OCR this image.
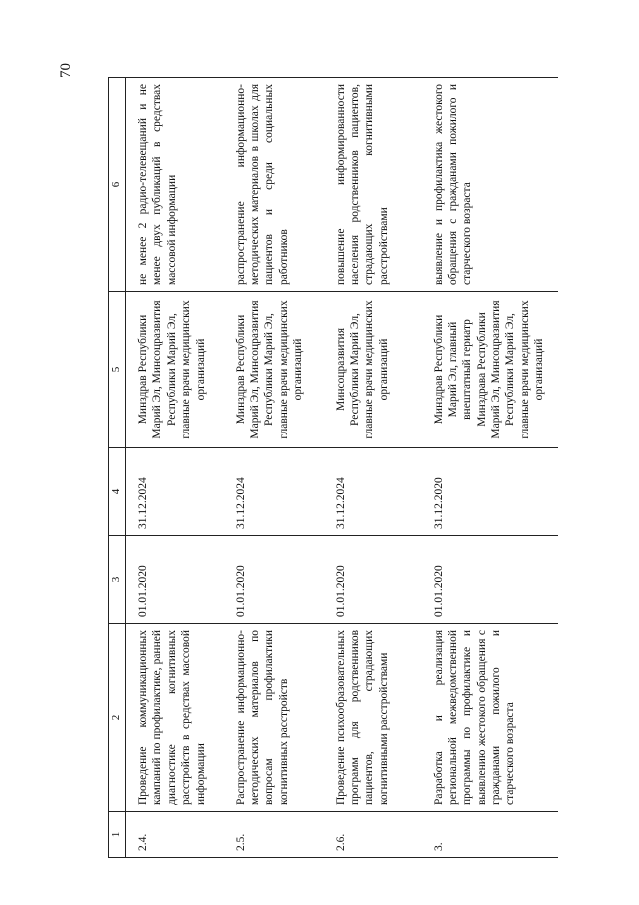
70
1	2	3	4	5	6
2.4.	Проведение коммуникационных кампаний по профилактике, ранней диагностике когнитивных расстройств в средствах массовой информации	01.01.2020	31.12.2024	Минздрав Республики Марий Эл, Минсоцразвития Республики Марий Эл, главные врачи медицинских организаций	не менее 2 радио-телевещаний и не менее двух публикаций в средствах массовой информации
2.5.	Распространение информационно-методических материалов по вопросам профилактики когнитивных расстройств	01.01.2020	31.12.2024	Минздрав Республики Марий Эл, Минсоцразвития Республики Марий Эл, главные врачи медицинских организаций	распространение информационно-методических материалов в школах для пациентов и среди социальных работников
2.6.	Проведение психообразовательных программ для родственников пациентов, страдающих когнитивными расстройствами	01.01.2020	31.12.2024	Минсоцразвития Республики Марий Эл, главные врачи медицинских организаций	повышение информированности населения родственников пациентов, страдающих когнитивными расстройствами
3.	Разработка и реализация региональной межведомственной программы по профилактике и выявлению жестокого обращения с гражданами пожилого и старческого возраста	01.01.2020	31.12.2020	Минздрав Республики Марий Эл, главный внештатный гериатр Минздрава Республики Марий Эл, Минсоцразвития Республики Марий Эл, главные врачи медицинских организаций	выявление и профилактика жестокого обращения с гражданами пожилого и старческого возраста
